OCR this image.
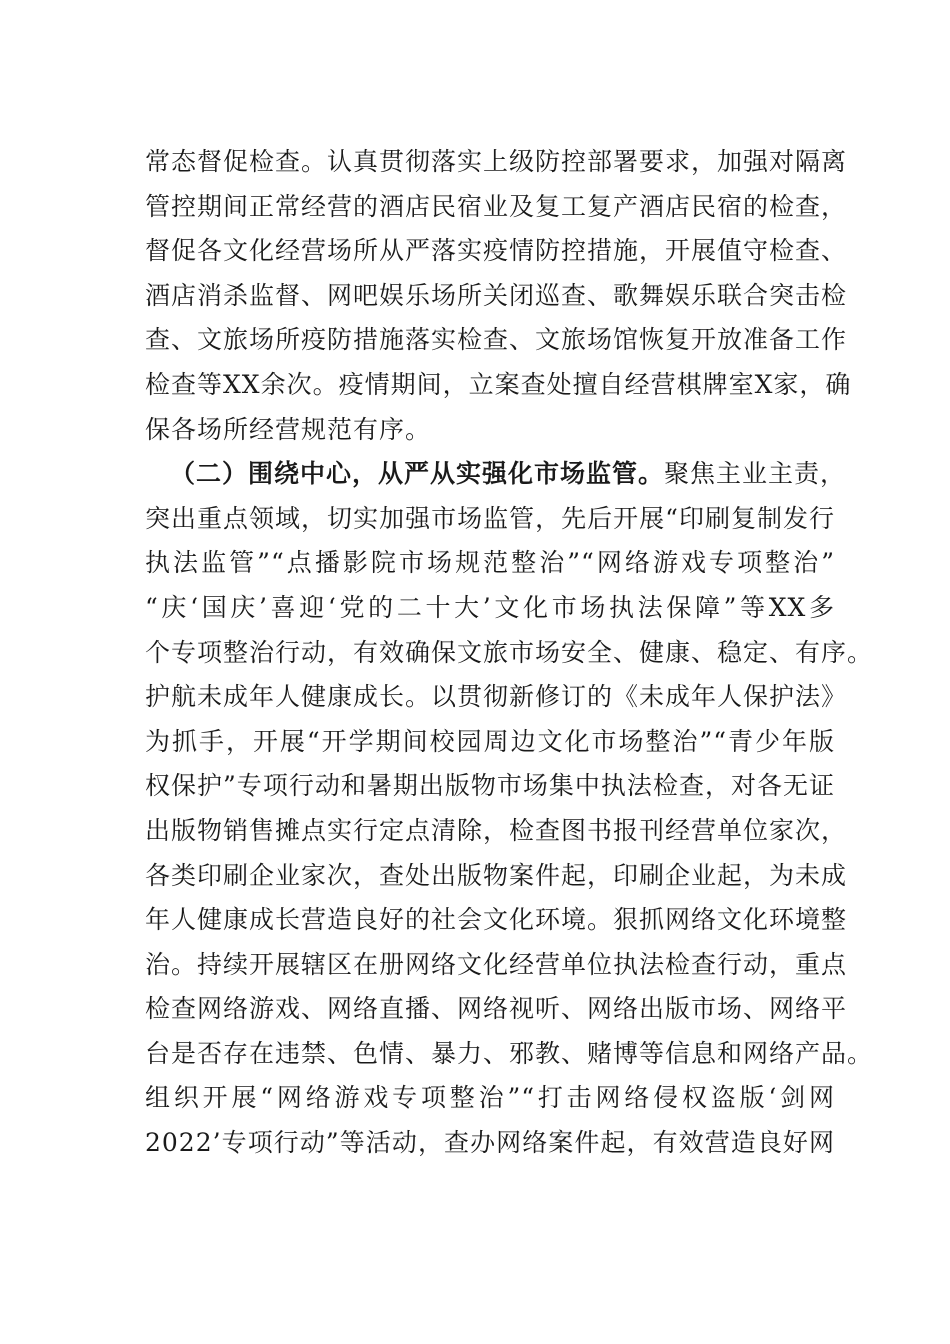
常态督促检查。认真贯彻落实上级防控部署要求，加强对隔离
管控期间正常经营的酒店民宿业及复工复产酒店民宿的检查，
督促各文化经营场所从严落实疫情防控措施，开展值守检查、
酒店消杀监督、网吧娱乐场所关闭巡查、歌舞娱乐联合突击检
查、文旅场所疫防措施落实检查、文旅场馆恢复开放准备工作
检查等XX余次。疫情期间，立案查处擅自经营棋牌室X家，确
保各场所经营规范有序。
（二）围绕中心，从严从实强化市场监管。聚焦主业主责，
突出重点领域，切实加强市场监管，先后开展“印刷复制发行
执法监管”“点播影院市场规范整治”“网络游戏专项整治”
“庆‘国庆’喜迎‘党的二十大’文化市场执法保障”等XX多
个专项整治行动，有效确保文旅市场安全、健康、稳定、有序。
护航未成年人健康成长。以贯彻新修订的《未成年人保护法》
为抓手，开展“开学期间校园周边文化市场整治”“青少年版
权保护”专项行动和暑期出版物市场集中执法检查，对各无证
出版物销售摊点实行定点清除，检查图书报刊经营单位家次，
各类印刷企业家次，查处出版物案件起，印刷企业起，为未成
年人健康成长营造良好的社会文化环境。狠抓网络文化环境整
治。持续开展辖区在册网络文化经营单位执法检查行动，重点
检查网络游戏、网络直播、网络视听、网络出版市场、网络平
台是否存在违禁、色情、暴力、邪教、赌博等信息和网络产品。
组织开展“网络游戏专项整治”“打击网络侵权盗版‘剑网
2022’专项行动”等活动，查办网络案件起，有效营造良好网
